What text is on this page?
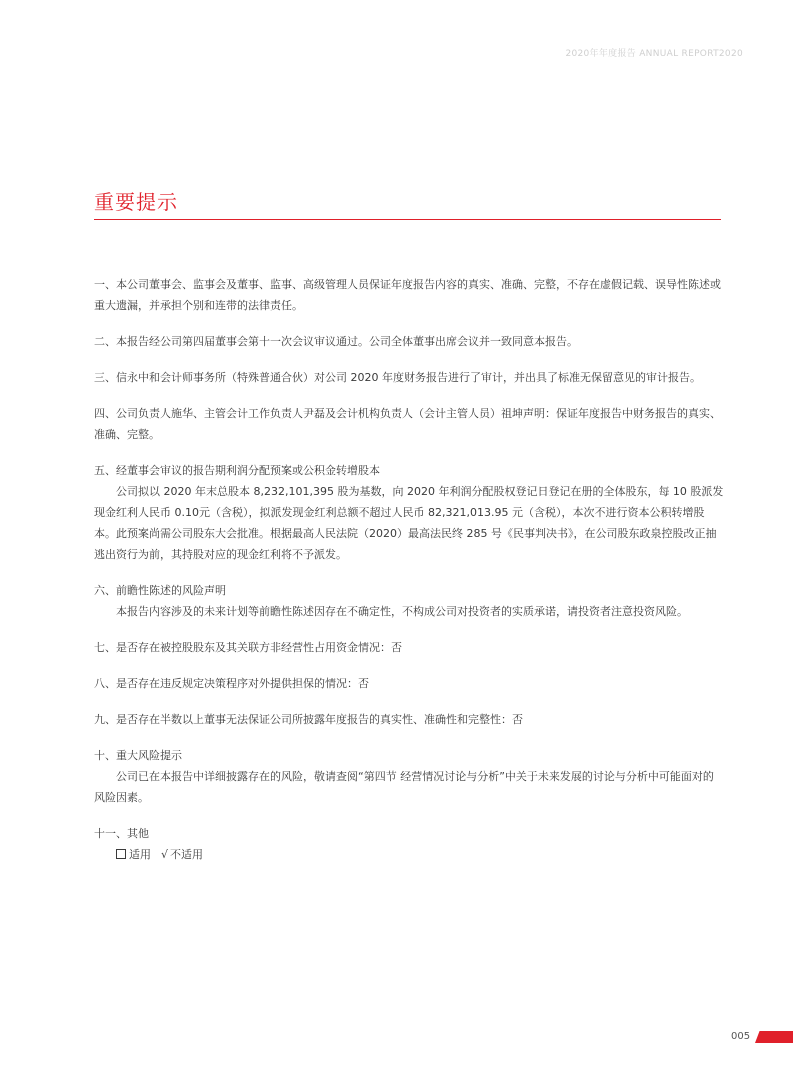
2020年年度报告 ANNUAL REPORT2020
重要提示

一、本公司董事会、监事会及董事、监事、高级管理人员保证年度报告内容的真实、准确、完整，不存在虚假记载、误导性陈述或重大遗漏，并承担个别和连带的法律责任。

二、本报告经公司第四届董事会第十一次会议审议通过。公司全体董事出席会议并一致同意本报告。

三、信永中和会计师事务所（特殊普通合伙）对公司 2020 年度财务报告进行了审计，并出具了标准无保留意见的审计报告。

四、公司负责人施华、主管会计工作负责人尹磊及会计机构负责人（会计主管人员）祖坤声明：保证年度报告中财务报告的真实、准确、完整。

五、经董事会审议的报告期利润分配预案或公积金转增股本

公司拟以 2020 年末总股本 8,232,101,395 股为基数，向 2020 年利润分配股权登记日登记在册的全体股东，每 10 股派发现金红利人民币 0.10元（含税），拟派发现金红利总额不超过人民币 82,321,013.95 元（含税），本次不进行资本公积转增股本。此预案尚需公司股东大会批准。根据最高人民法院（2020）最高法民终 285 号《民事判决书》，在公司股东政泉控股改正抽逃出资行为前，其持股对应的现金红利将不予派发。

六、前瞻性陈述的风险声明

本报告内容涉及的未来计划等前瞻性陈述因存在不确定性，不构成公司对投资者的实质承诺，请投资者注意投资风险。

七、是否存在被控股股东及其关联方非经营性占用资金情况：否

八、是否存在违反规定决策程序对外提供担保的情况：否

九、是否存在半数以上董事无法保证公司所披露年度报告的真实性、准确性和完整性：否

十、重大风险提示

公司已在本报告中详细披露存在的风险，敬请查阅“第四节 经营情况讨论与分析”中关于未来发展的讨论与分析中可能面对的风险因素。

十一、其他

适用 √ 不适用

005
